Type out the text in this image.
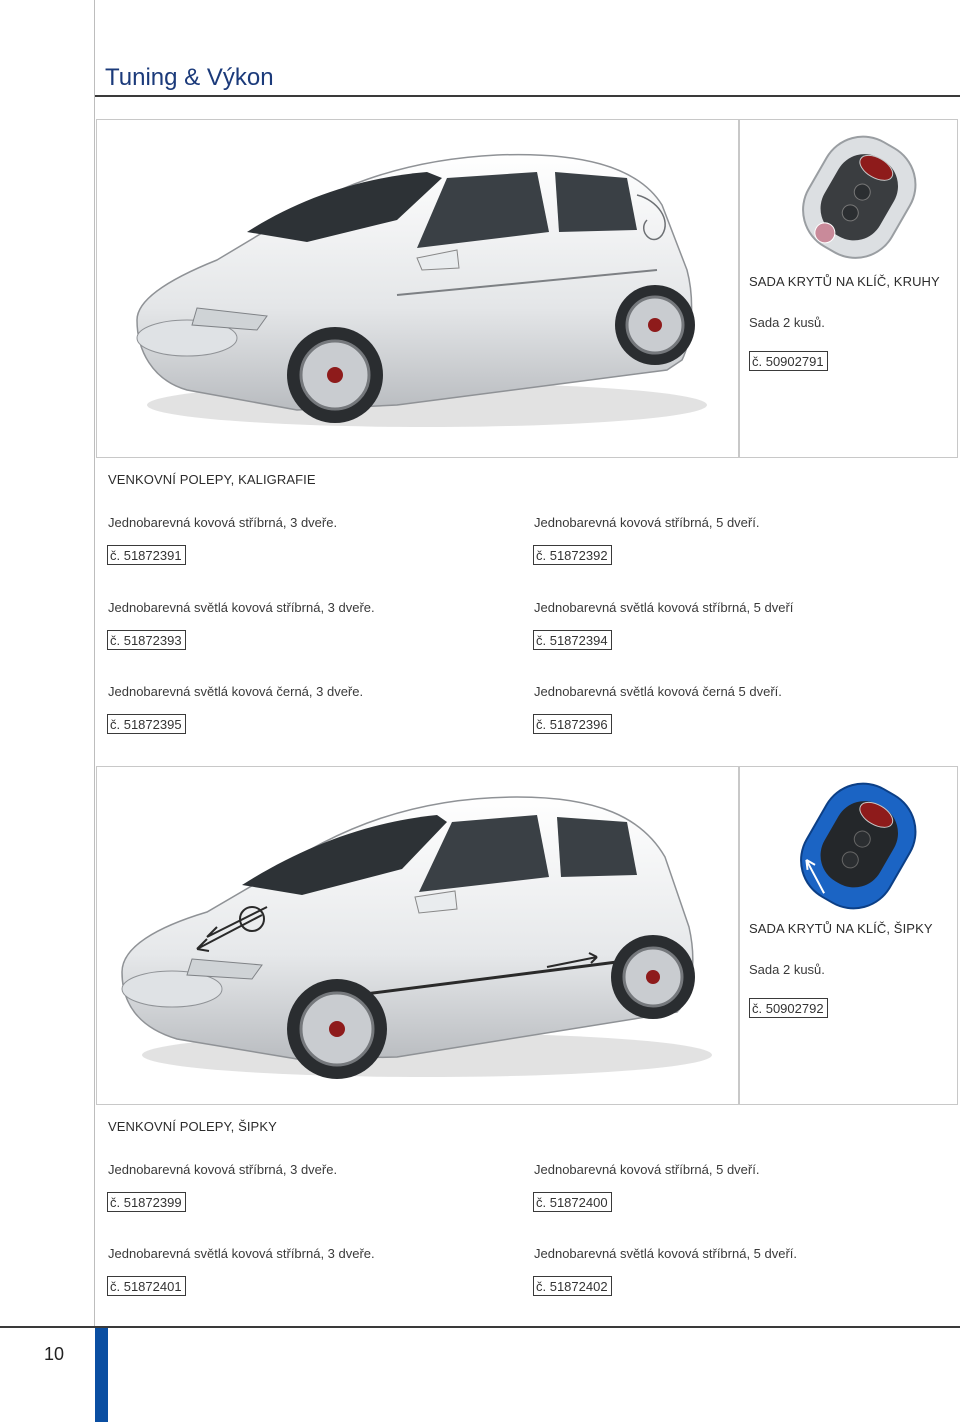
Tuning & Výkon
SADA KRYTŮ NA KLÍČ, KRUHY
Sada 2 kusů.
č. 50902791
VENKOVNÍ POLEPY, KALIGRAFIE
Jednobarevná kovová stříbrná, 3 dveře.
č. 51872391
Jednobarevná kovová stříbrná, 5 dveří.
č. 51872392
Jednobarevná světlá kovová stříbrná, 3 dveře.
č. 51872393
Jednobarevná světlá kovová stříbrná, 5 dveří
č. 51872394
Jednobarevná světlá kovová černá, 3 dveře.
č. 51872395
Jednobarevná světlá kovová černá 5 dveří.
č. 51872396
SADA KRYTŮ NA KLÍČ, ŠIPKY
Sada 2 kusů.
č. 50902792
VENKOVNÍ POLEPY, ŠIPKY
Jednobarevná kovová stříbrná, 3 dveře.
č. 51872399
Jednobarevná kovová stříbrná, 5 dveří.
č. 51872400
Jednobarevná světlá kovová stříbrná, 3 dveře.
č. 51872401
Jednobarevná světlá kovová stříbrná, 5 dveří.
č. 51872402
10
